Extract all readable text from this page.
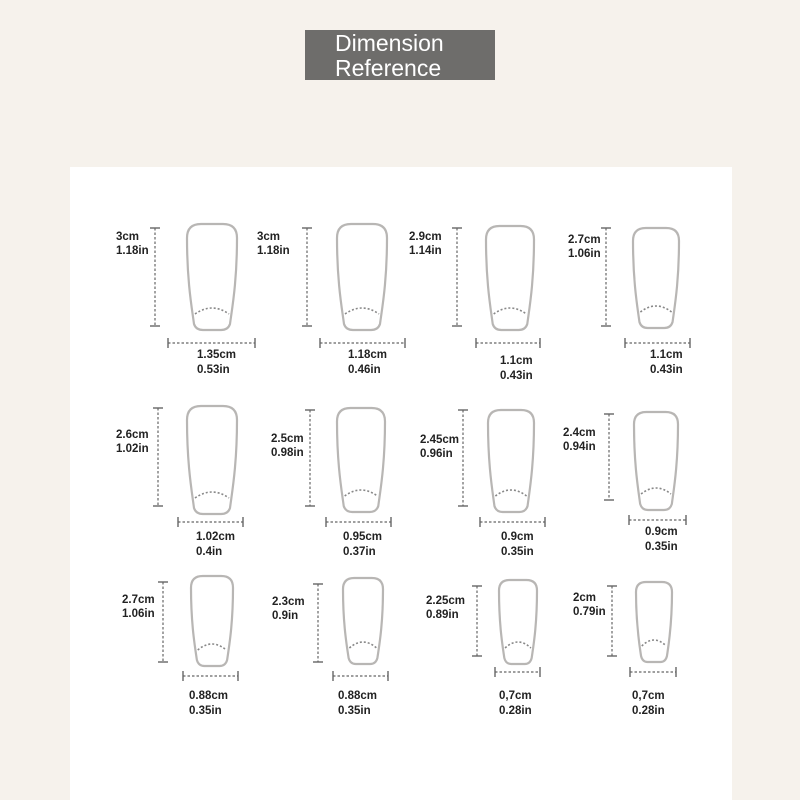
Dimension
Reference
3cm
1.18in
1.35cm
0.53in
3cm
1.18in
1.18cm
0.46in
2.9cm
1.14in
1.1cm
0.43in
2.7cm
1.06in
1.1cm
0.43in
2.6cm
1.02in
1.02cm
0.4in
2.5cm
0.98in
0.95cm
0.37in
2.45cm
0.96in
0.9cm
0.35in
2.4cm
0.94in
0.9cm
0.35in
2.7cm
1.06in
0.88cm
0.35in
2.3cm
0.9in
0.88cm
0.35in
2.25cm
0.89in
0,7cm
0.28in
2cm
0.79in
0,7cm
0.28in
